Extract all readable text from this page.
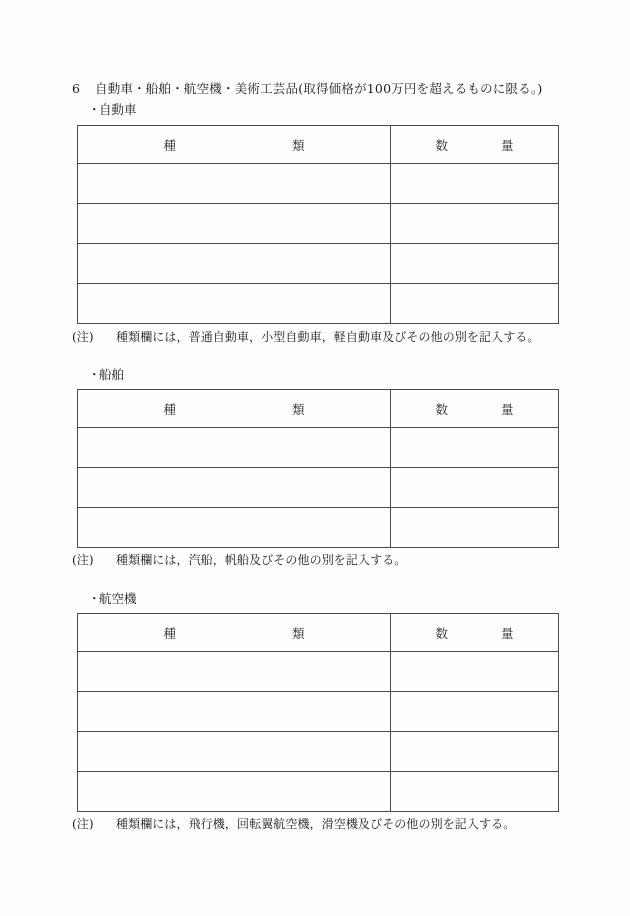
6 自動車・船舶・航空機・美術工芸品(取得価格が100万円を超えるものに限る。)
・自動車
種 類	数 量

(注) 種類欄には，普通自動車，小型自動車，軽自動車及びその他の別を記入する。
・船舶
種 類	数 量

(注) 種類欄には，汽船，帆船及びその他の別を記入する。
・航空機
種 類	数 量

(注) 種類欄には，飛行機，回転翼航空機，滑空機及びその他の別を記入する。
